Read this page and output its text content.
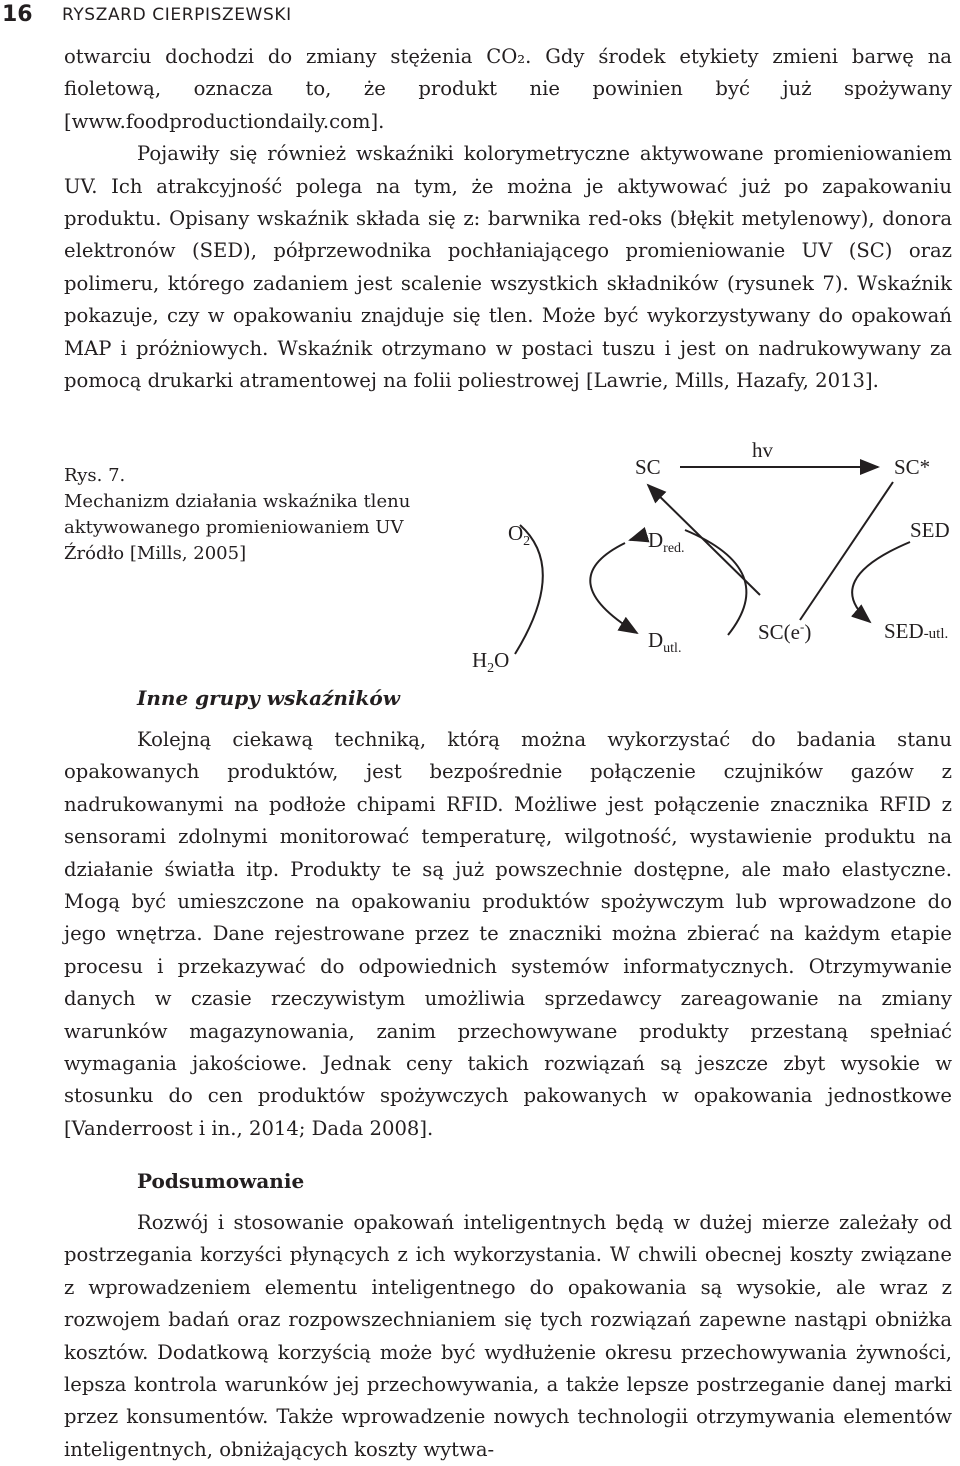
16 RYSZARD CIERPISZEWSKI

otwarciu dochodzi do zmiany stężenia CO₂. Gdy środek etykiety zmieni barwę na fioletową, oznacza to, że produkt nie powinien być już spożywany [www.foodproductiondaily.com].
Pojawiły się również wskaźniki kolorymetryczne aktywowane promieniowaniem UV. Ich atrakcyjność polega na tym, że można je aktywować już po zapakowaniu produktu. Opisany wskaźnik składa się z: barwnika red-oks (błękit metylenowy), donora elektronów (SED), półprzewodnika pochłaniającego promieniowanie UV (SC) oraz polimeru, którego zadaniem jest scalenie wszystkich składników (rysunek 7). Wskaźnik pokazuje, czy w opakowaniu znajduje się tlen. Może być wykorzystywany do opakowań MAP i próżniowych. Wskaźnik otrzymano w postaci tuszu i jest on nadrukowywany za pomocą drukarki atramentowej na folii poliestrowej [Lawrie, Mills, Hazafy, 2013].

Rys. 7.
Mechanizm działania wskaźnika tlenu aktywowanego promieniowaniem UV
Źródło [Mills, 2005]
hv
SC	SC*
SED
$O_2$	$D_{red.}$
$H_2O$
$D_{utl.}$
SC(e-)	SED-utl.
Inne grupy wskaźników

Kolejną ciekawą techniką, którą można wykorzystać do badania stanu opakowanych produktów, jest bezpośrednie połączenie czujników gazów z nadrukowanymi na podłoże chipami RFID. Możliwe jest połączenie znacznika RFID z sensorami zdolnymi monitorować temperaturę, wilgotność, wystawienie produktu na działanie światła itp. Produkty te są już powszechnie dostępne, ale mało elastyczne. Mogą być umieszczone na opakowaniu produktów spożywczym lub wprowadzone do jego wnętrza. Dane rejestrowane przez te znaczniki można zbierać na każdym etapie procesu i przekazywać do odpowiednich systemów informatycznych. Otrzymywanie danych w czasie rzeczywistym umożliwia sprzedawcy zareagowanie na zmiany warunków magazynowania, zanim przechowywane produkty przestaną spełniać wymagania jakościowe. Jednak ceny takich rozwiązań są jeszcze zbyt wysokie w stosunku do cen produktów spożywczych pakowanych w opakowania jednostkowe [Vanderroost i in., 2014; Dada 2008].

Podsumowanie

Rozwój i stosowanie opakowań inteligentnych będą w dużej mierze zależały od postrzegania korzyści płynących z ich wykorzystania. W chwili obecnej koszty związane z wprowadzeniem elementu inteligentnego do opakowania są wysokie, ale wraz z rozwojem badań oraz rozpowszechnianiem się tych rozwiązań zapewne nastąpi obniżka kosztów. Dodatkową korzyścią może być wydłużenie okresu przechowywania żywności, lepsza kontrola warunków jej przechowywania, a także lepsze postrzeganie danej marki przez konsumentów. Także wprowadzenie nowych technologii otrzymywania elementów inteligentnych, obniżających koszty wytwa-
